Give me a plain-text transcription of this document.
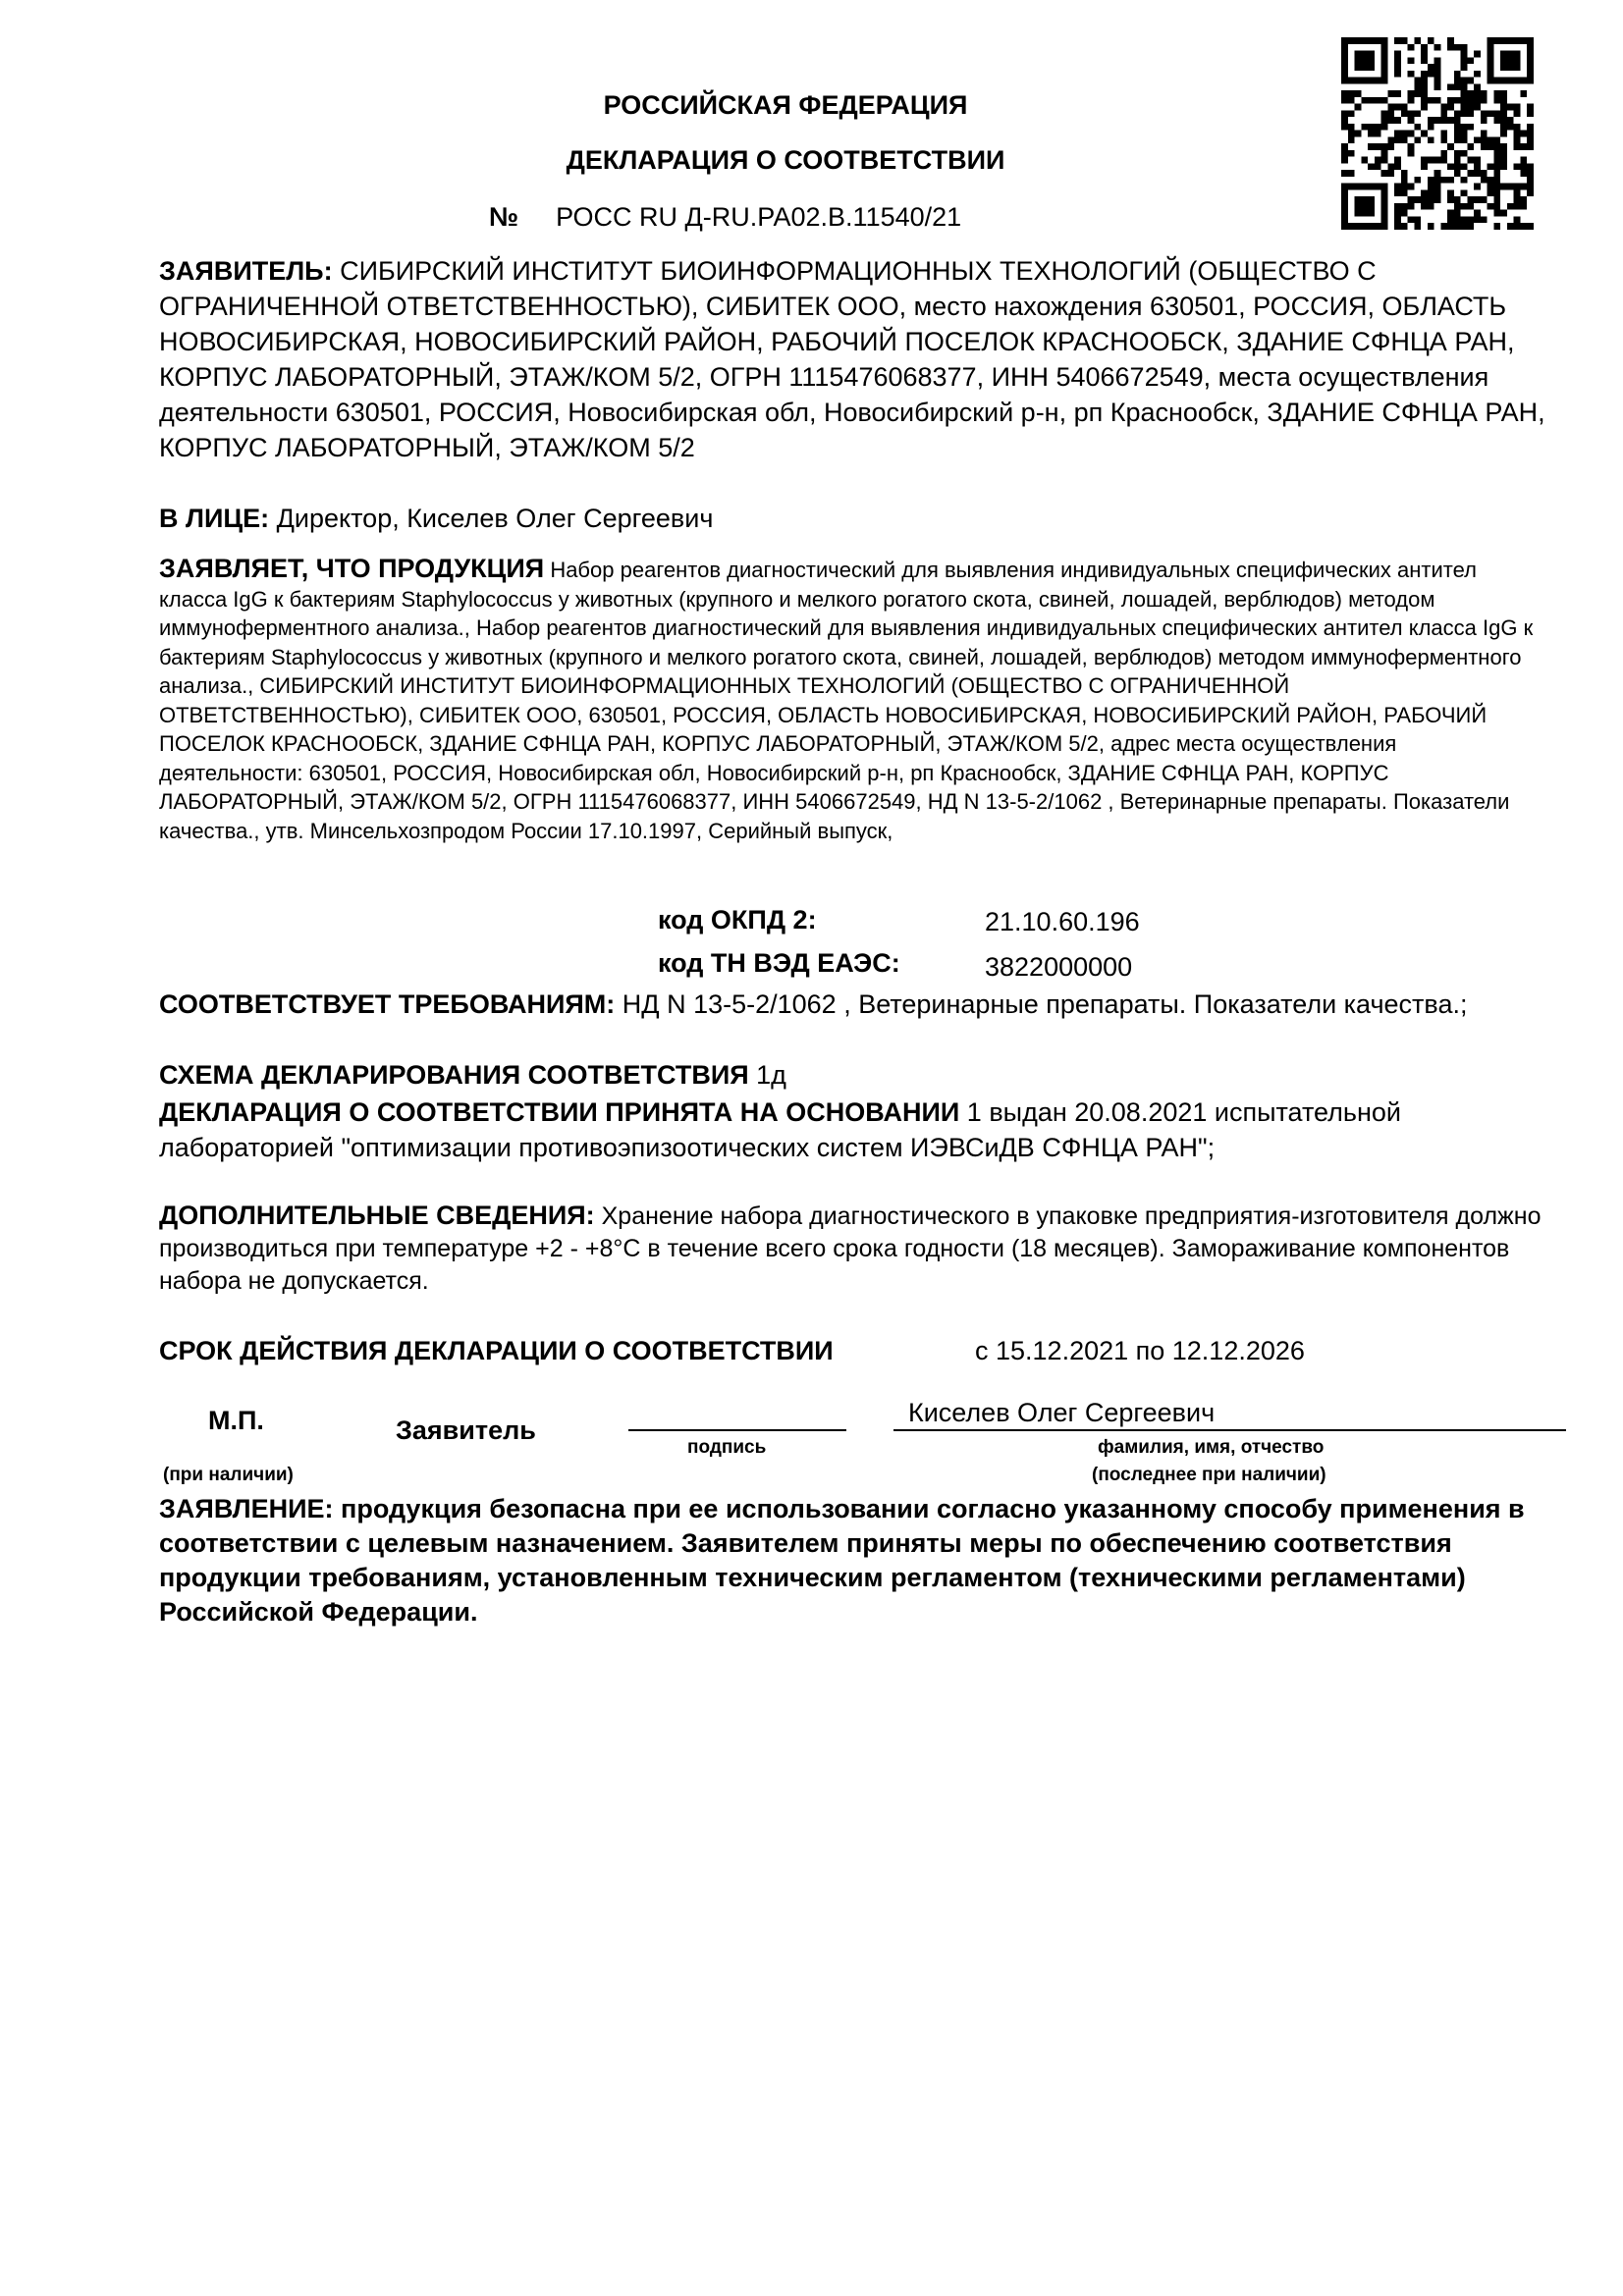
РОССИЙСКАЯ ФЕДЕРАЦИЯ
ДЕКЛАРАЦИЯ О СООТВЕТСТВИИ
№ РОСС RU Д-RU.РА02.В.11540/21
ЗАЯВИТЕЛЬ: СИБИРСКИЙ ИНСТИТУТ БИОИНФОРМАЦИОННЫХ ТЕХНОЛОГИЙ (ОБЩЕСТВО С ОГРАНИЧЕННОЙ ОТВЕТСТВЕННОСТЬЮ), СИБИТЕК ООО, место нахождения 630501, РОССИЯ, ОБЛАСТЬ НОВОСИБИРСКАЯ, НОВОСИБИРСКИЙ РАЙОН, РАБОЧИЙ ПОСЕЛОК КРАСНООБСК, ЗДАНИЕ СФНЦА РАН, КОРПУС ЛАБОРАТОРНЫЙ, ЭТАЖ/КОМ 5/2, ОГРН 1115476068377, ИНН 5406672549, места осуществления деятельности 630501, РОССИЯ, Новосибирская обл, Новосибирский р-н, рп Краснообск, ЗДАНИЕ СФНЦА РАН, КОРПУС ЛАБОРАТОРНЫЙ, ЭТАЖ/КОМ 5/2
В ЛИЦЕ: Директор, Киселев Олег Сергеевич
ЗАЯВЛЯЕТ, ЧТО ПРОДУКЦИЯ Набор реагентов диагностический для выявления индивидуальных специфических антител класса IgG к бактериям Staphylococcus у животных (крупного и мелкого рогатого скота, свиней, лошадей, верблюдов) методом иммуноферментного анализа., Набор реагентов диагностический для выявления индивидуальных специфических антител класса IgG к бактериям Staphylococcus у животных (крупного и мелкого рогатого скота, свиней, лошадей, верблюдов) методом иммуноферментного анализа., СИБИРСКИЙ ИНСТИТУТ БИОИНФОРМАЦИОННЫХ ТЕХНОЛОГИЙ (ОБЩЕСТВО С ОГРАНИЧЕННОЙ ОТВЕТСТВЕННОСТЬЮ), СИБИТЕК ООО, 630501, РОССИЯ, ОБЛАСТЬ НОВОСИБИРСКАЯ, НОВОСИБИРСКИЙ РАЙОН, РАБОЧИЙ ПОСЕЛОК КРАСНООБСК, ЗДАНИЕ СФНЦА РАН, КОРПУС ЛАБОРАТОРНЫЙ, ЭТАЖ/КОМ 5/2, адрес места осуществления деятельности: 630501, РОССИЯ, Новосибирская обл, Новосибирский р-н, рп Краснообск, ЗДАНИЕ СФНЦА РАН, КОРПУС ЛАБОРАТОРНЫЙ, ЭТАЖ/КОМ 5/2, ОГРН 1115476068377, ИНН 5406672549, НД N 13-5-2/1062 , Ветеринарные препараты. Показатели качества., утв. Минсельхозпродом России 17.10.1997, Серийный выпуск,
код ОКПД 2:	21.10.60.196
код ТН ВЭД ЕАЭС:	3822000000
СООТВЕТСТВУЕТ ТРЕБОВАНИЯМ: НД N 13-5-2/1062 , Ветеринарные препараты. Показатели качества.;
СХЕМА ДЕКЛАРИРОВАНИЯ СООТВЕТСТВИЯ 1д
ДЕКЛАРАЦИЯ О СООТВЕТСТВИИ ПРИНЯТА НА ОСНОВАНИИ 1 выдан 20.08.2021 испытательной лабораторией "оптимизации противоэпизоотических систем ИЭВСиДВ СФНЦА РАН";
ДОПОЛНИТЕЛЬНЫЕ СВЕДЕНИЯ: Хранение набора диагностического в упаковке предприятия-изготовителя должно производиться при температуре +2 - +8°С в течение всего срока годности (18 месяцев). Замораживание компонентов набора не допускается.
СРОК ДЕЙСТВИЯ ДЕКЛАРАЦИИ О СООТВЕТСТВИИ	с 15.12.2021 по 12.12.2026
М.П.	Заявитель
Киселев Олег Сергеевич
подпись	фамилия, имя, отчество
(при наличии)	(последнее при наличии)
ЗАЯВЛЕНИЕ: продукция безопасна при ее использовании согласно указанному способу применения в соответствии с целевым назначением. Заявителем приняты меры по обеспечению соответствия продукции требованиям, установленным техническим регламентом (техническими регламентами) Российской Федерации.
